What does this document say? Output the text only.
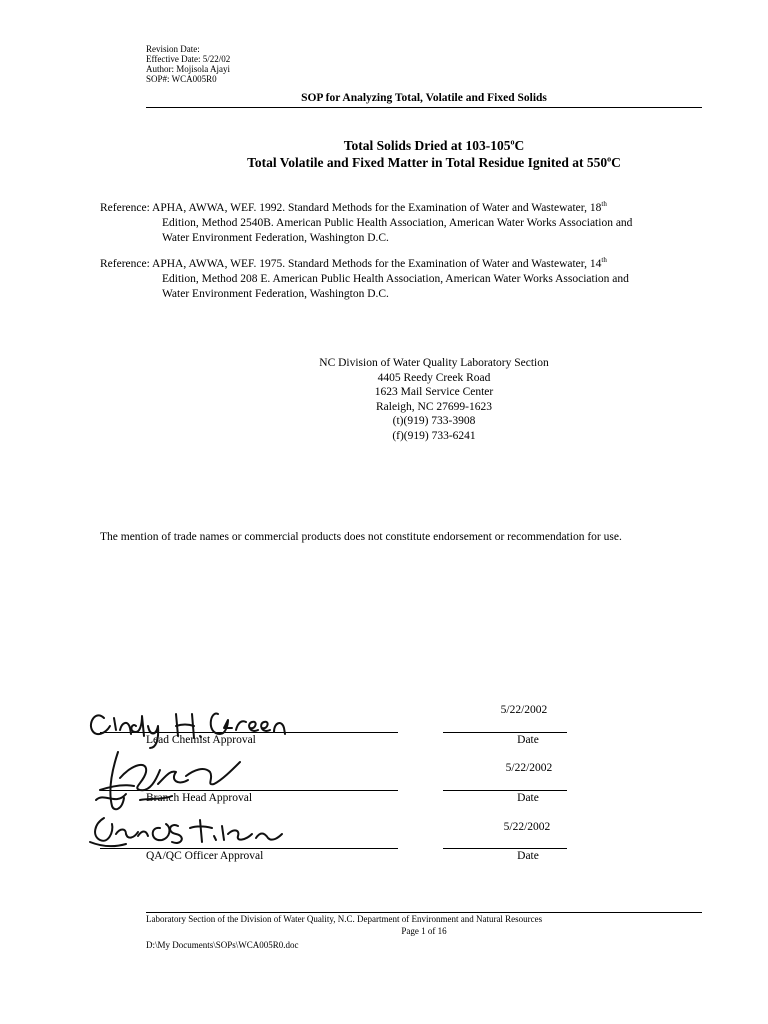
Revision Date:
Effective Date: 5/22/02
Author: Mojisola Ajayi
SOP#: WCA005R0
SOP for Analyzing Total, Volatile and Fixed Solids
Total Solids Dried at 103-105$^o$C
Total Volatile and Fixed Matter in Total Residue Ignited at 550$^o$C
Reference: APHA, AWWA, WEF. 1992. Standard Methods for the Examination of Water and Wastewater, 18th
Edition, Method 2540B. American Public Health Association, American Water Works Association and
Water Environment Federation, Washington D.C.
Reference: APHA, AWWA, WEF. 1975. Standard Methods for the Examination of Water and Wastewater, 14th
Edition, Method 208 E. American Public Health Association, American Water Works Association and
Water Environment Federation, Washington D.C.
NC Division of Water Quality Laboratory Section
4405 Reedy Creek Road
1623 Mail Service Center
Raleigh, NC 27699-1623
(t)(919) 733-3908
(f)(919) 733-6241
The mention of trade names or commercial products does not constitute endorsement or recommendation for use.
5/22/2002
Lead Chemist Approval	Date
5/22/2002
Branch Head Approval	Date
5/22/2002
QA/QC Officer Approval	Date
Laboratory Section of the Division of Water Quality, N.C. Department of Environment and Natural Resources
Page 1 of 16
D:\My Documents\SOPs\WCA005R0.doc
